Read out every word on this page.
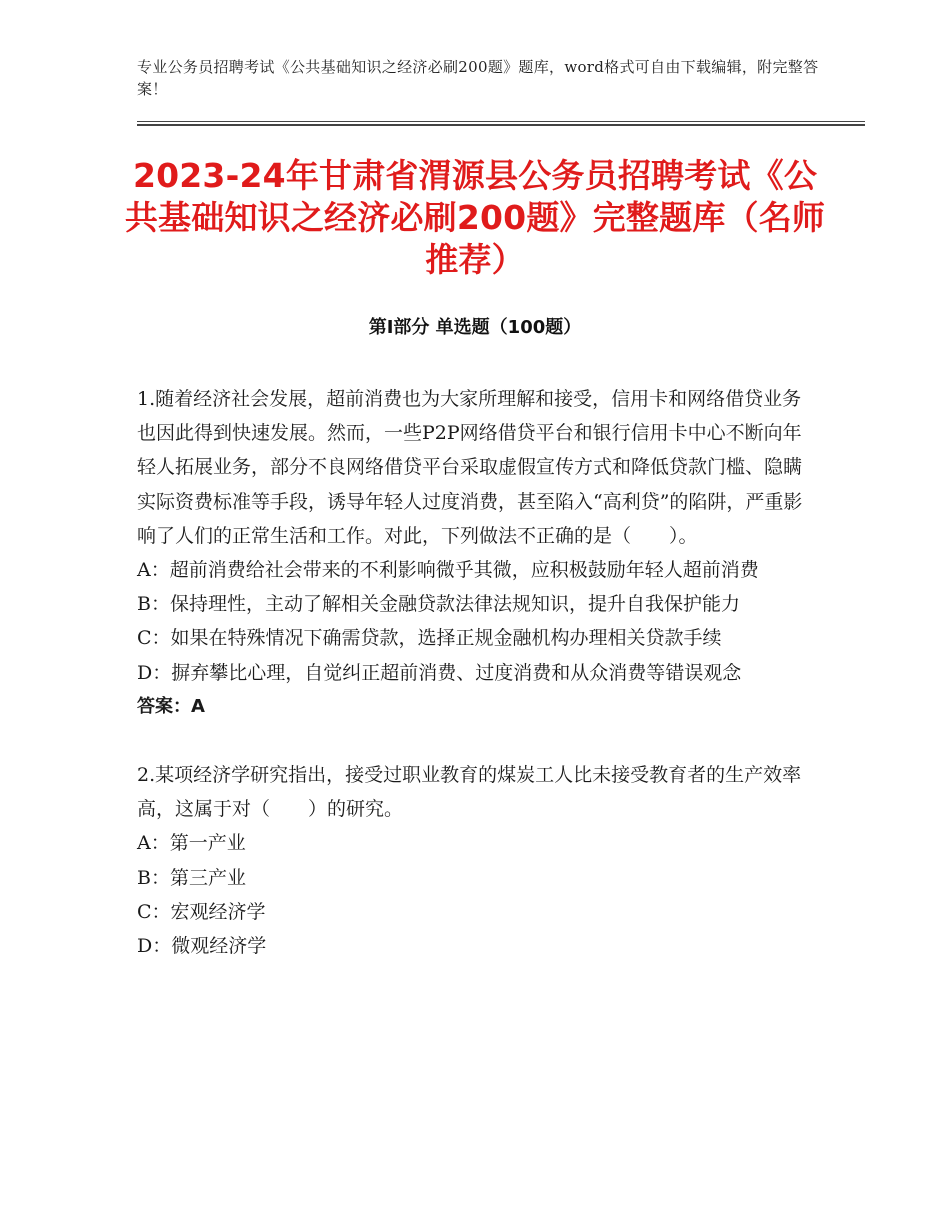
专业公务员招聘考试《公共基础知识之经济必刷200题》题库，word格式可自由下载编辑，附完整答案！
2023-24年甘肃省渭源县公务员招聘考试《公共基础知识之经济必刷200题》完整题库（名师推荐）
第Ⅰ部分 单选题（100题）

1.随着经济社会发展，超前消费也为大家所理解和接受，信用卡和网络借贷业务也因此得到快速发展。然而，一些P2P网络借贷平台和银行信用卡中心不断向年轻人拓展业务，部分不良网络借贷平台采取虚假宣传方式和降低贷款门槛、隐瞒实际资费标准等手段，诱导年轻人过度消费，甚至陷入“高利贷”的陷阱，严重影响了人们的正常生活和工作。对此，下列做法不正确的是（　　）。

A：超前消费给社会带来的不利影响微乎其微，应积极鼓励年轻人超前消费

B：保持理性，主动了解相关金融贷款法律法规知识，提升自我保护能力

C：如果在特殊情况下确需贷款，选择正规金融机构办理相关贷款手续

D：摒弃攀比心理，自觉纠正超前消费、过度消费和从众消费等错误观念

答案：A

2.某项经济学研究指出，接受过职业教育的煤炭工人比未接受教育者的生产效率高，这属于对（　　）的研究。

A：第一产业

B：第三产业

C：宏观经济学

D：微观经济学
